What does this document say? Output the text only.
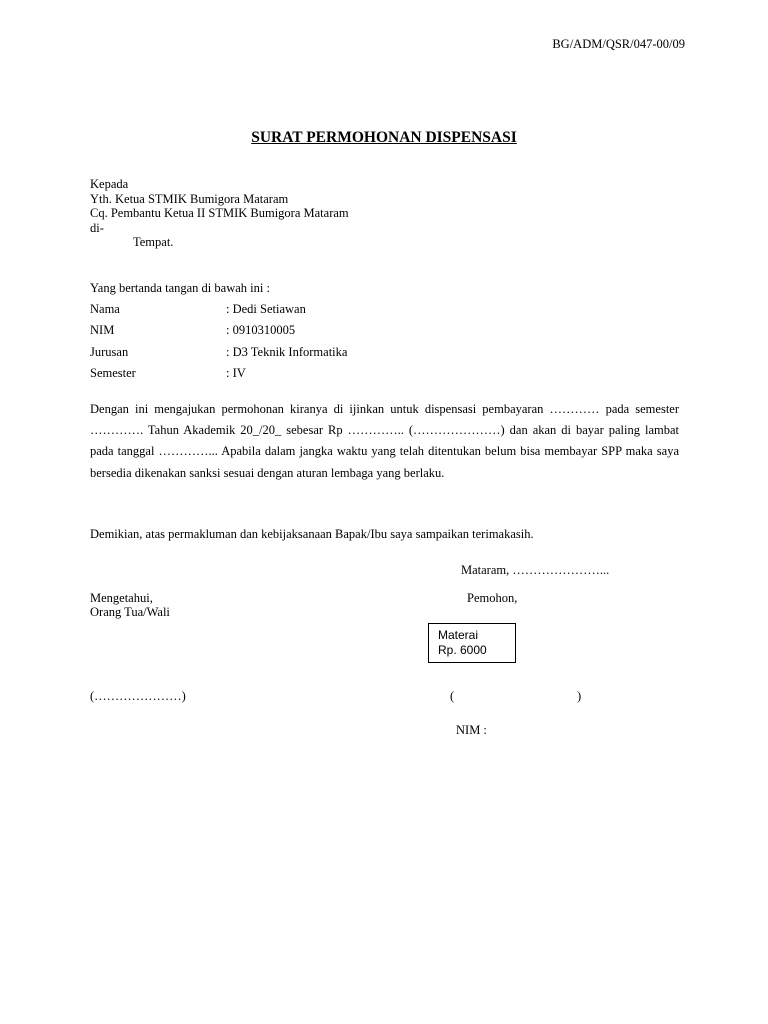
BG/ADM/QSR/047-00/09
SURAT PERMOHONAN DISPENSASI
Kepada
Yth. Ketua STMIK Bumigora Mataram
Cq. Pembantu Ketua II STMIK Bumigora Mataram
di-
Tempat.
Yang bertanda tangan di bawah ini :
Nama	: Dedi Setiawan
NIM	: 0910310005
Jurusan	: D3 Teknik Informatika
Semester	: IV
Dengan ini mengajukan permohonan kiranya di ijinkan untuk dispensasi pembayaran ………… pada semester …………. Tahun Akademik 20_/20_ sebesar Rp ………….. (…………………) dan akan di bayar paling lambat pada tanggal …………... Apabila dalam jangka waktu yang telah ditentukan belum bisa membayar SPP maka saya bersedia dikenakan sanksi sesuai dengan aturan lembaga yang berlaku.
Demikian, atas permakluman dan kebijaksanaan Bapak/Ibu saya sampaikan terimakasih.
Mataram, …………………...
Mengetahui,
Orang Tua/Wali
Pemohon,
Materai
Rp. 6000
(…………………)	(	)
NIM :
